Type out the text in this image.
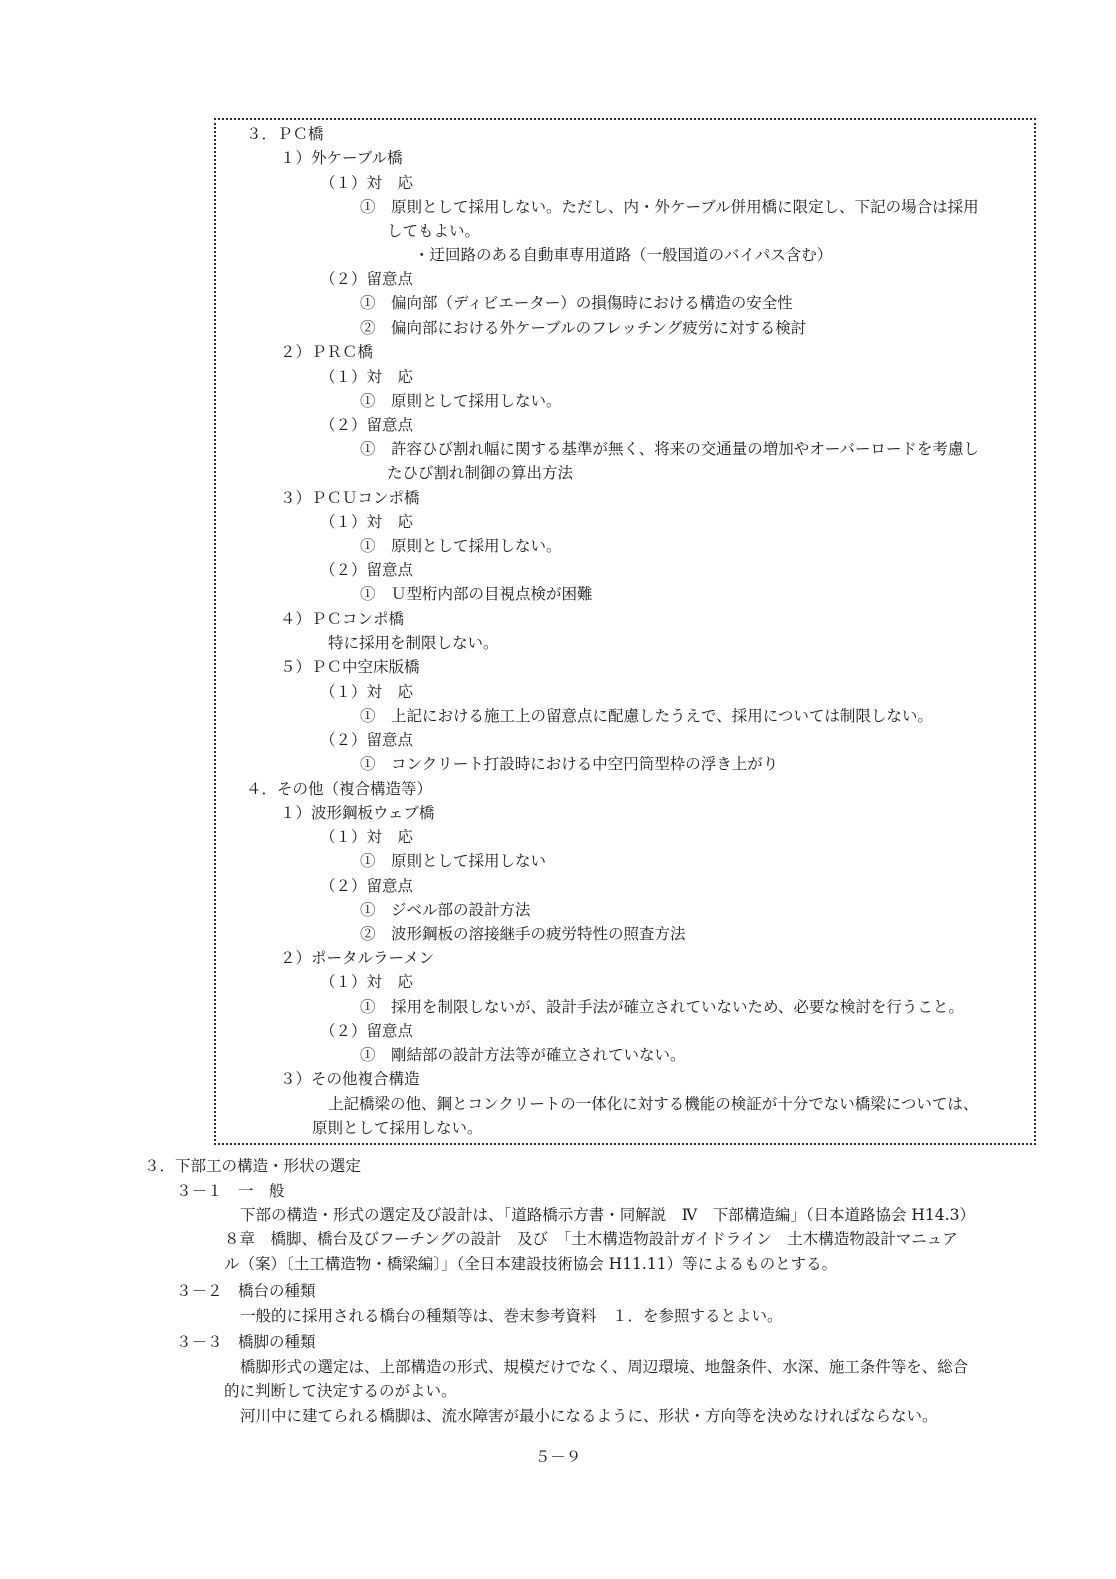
３．ＰＣ橋
１）外ケーブル橋
（１）対　応
①　原則として採用しない。ただし、内・外ケーブル併用橋に限定し、下記の場合は採用
してもよい。
・迂回路のある自動車専用道路（一般国道のバイパス含む）
（２）留意点
①　偏向部（ディビエーター）の損傷時における構造の安全性
②　偏向部における外ケーブルのフレッチング疲労に対する検討
２）ＰＲＣ橋
（１）対　応
①　原則として採用しない。
（２）留意点
①　許容ひび割れ幅に関する基準が無く、将来の交通量の増加やオーバーロードを考慮し
たひび割れ制御の算出方法
３）ＰＣＵコンポ橋
（１）対　応
①　原則として採用しない。
（２）留意点
①　Ｕ型桁内部の目視点検が困難
４）ＰＣコンポ橋
特に採用を制限しない。
５）ＰＣ中空床版橋
（１）対　応
①　上記における施工上の留意点に配慮したうえで、採用については制限しない。
（２）留意点
①　コンクリート打設時における中空円筒型枠の浮き上がり
４．その他（複合構造等）
１）波形鋼板ウェブ橋
（１）対　応
①　原則として採用しない
（２）留意点
①　ジベル部の設計方法
②　波形鋼板の溶接継手の疲労特性の照査方法
２）ポータルラーメン
（１）対　応
①　採用を制限しないが、設計手法が確立されていないため、必要な検討を行うこと。
（２）留意点
①　剛結部の設計方法等が確立されていない。
３）その他複合構造
上記橋梁の他、鋼とコンクリートの一体化に対する機能の検証が十分でない橋梁については、
原則として採用しない。
３．下部工の構造・形状の選定
３－１　一　般
下部の構造・形式の選定及び設計は、「道路橋示方書・同解説　Ⅳ　下部構造編」（日本道路協会 H14.3）
８章　橋脚、橋台及びフーチングの設計　及び　「土木構造物設計ガイドライン　土木構造物設計マニュア
ル（案）〔土工構造物・橋梁編〕」（全日本建設技術協会 H11.11）等によるものとする。
３－２　橋台の種類
一般的に採用される橋台の種類等は、巻末参考資料　１．を参照するとよい。
３－３　橋脚の種類
橋脚形式の選定は、上部構造の形式、規模だけでなく、周辺環境、地盤条件、水深、施工条件等を、総合
的に判断して決定するのがよい。
河川中に建てられる橋脚は、流水障害が最小になるように、形状・方向等を決めなければならない。
５－９
